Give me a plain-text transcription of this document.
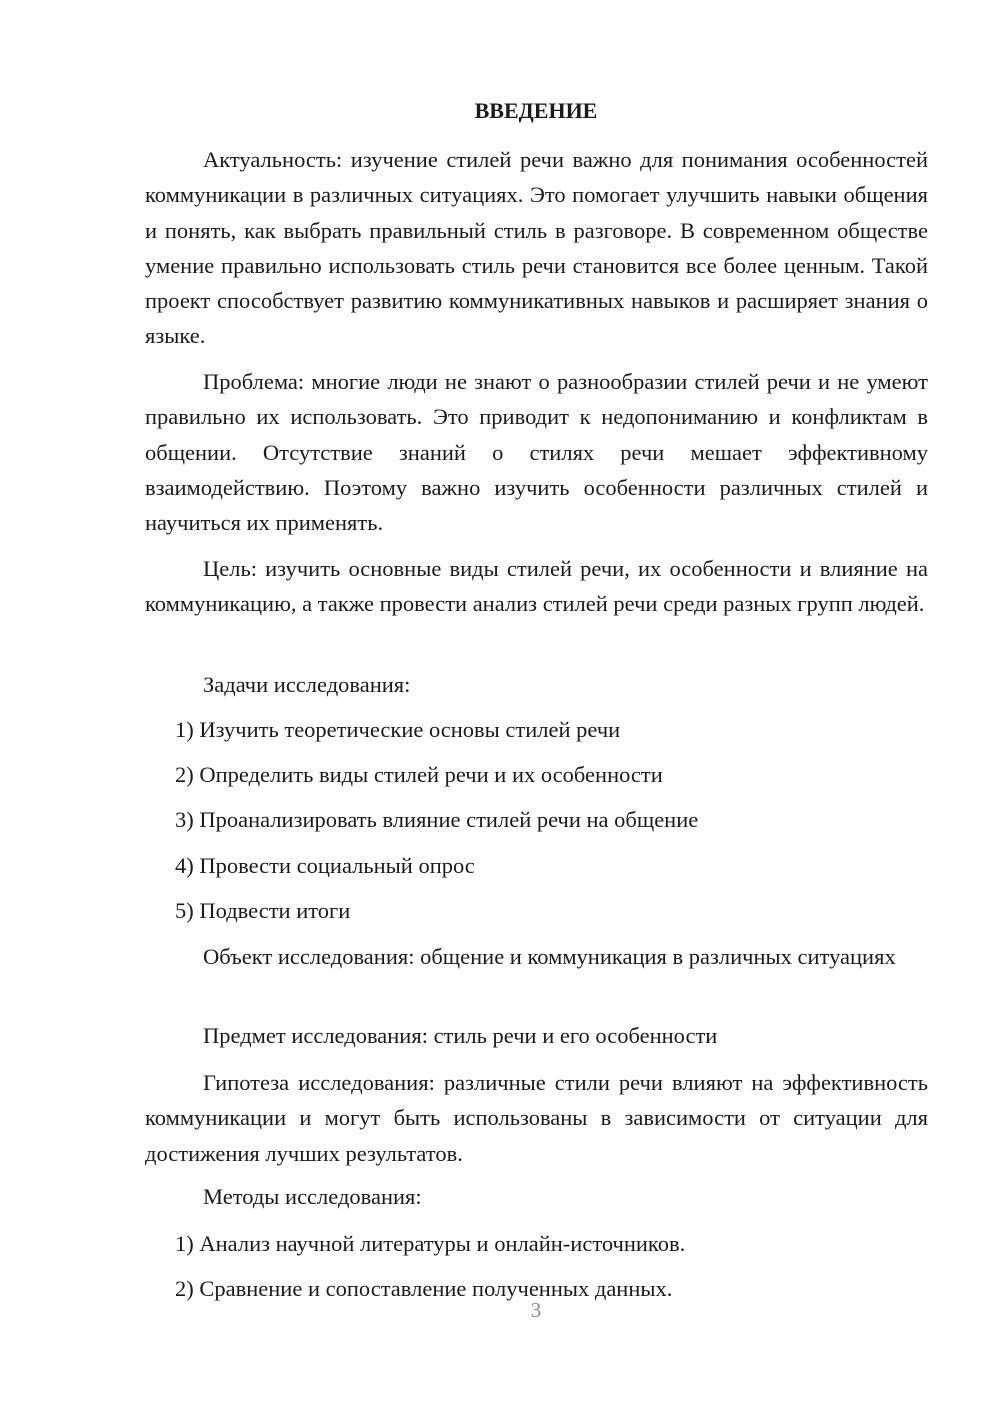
ВВЕДЕНИЕ

Актуальность: изучение стилей речи важно для понимания особенностей коммуникации в различных ситуациях. Это помогает улучшить навыки общения и понять, как выбрать правильный стиль в разговоре. В современном обществе умение правильно использовать стиль речи становится все более ценным. Такой проект способствует развитию коммуникативных навыков и расширяет знания о языке.

Проблема: многие люди не знают о разнообразии стилей речи и не умеют правильно их использовать. Это приводит к недопониманию и конфликтам в общении. Отсутствие знаний о стилях речи мешает эффективному взаимодействию. Поэтому важно изучить особенности различных стилей и научиться их применять.

Цель: изучить основные виды стилей речи, их особенности и влияние на коммуникацию, а также провести анализ стилей речи среди разных групп людей.

Задачи исследования:

1) Изучить теоретические основы стилей речи

2) Определить виды стилей речи и их особенности

3) Проанализировать влияние стилей речи на общение

4) Провести социальный опрос

5) Подвести итоги

Объект исследования: общение и коммуникация в различных ситуациях

Предмет исследования: стиль речи и его особенности

Гипотеза исследования: различные стили речи влияют на эффективность коммуникации и могут быть использованы в зависимости от ситуации для достижения лучших результатов.

Методы исследования:

1) Анализ научной литературы и онлайн-источников.

2) Сравнение и сопоставление полученных данных.

3
